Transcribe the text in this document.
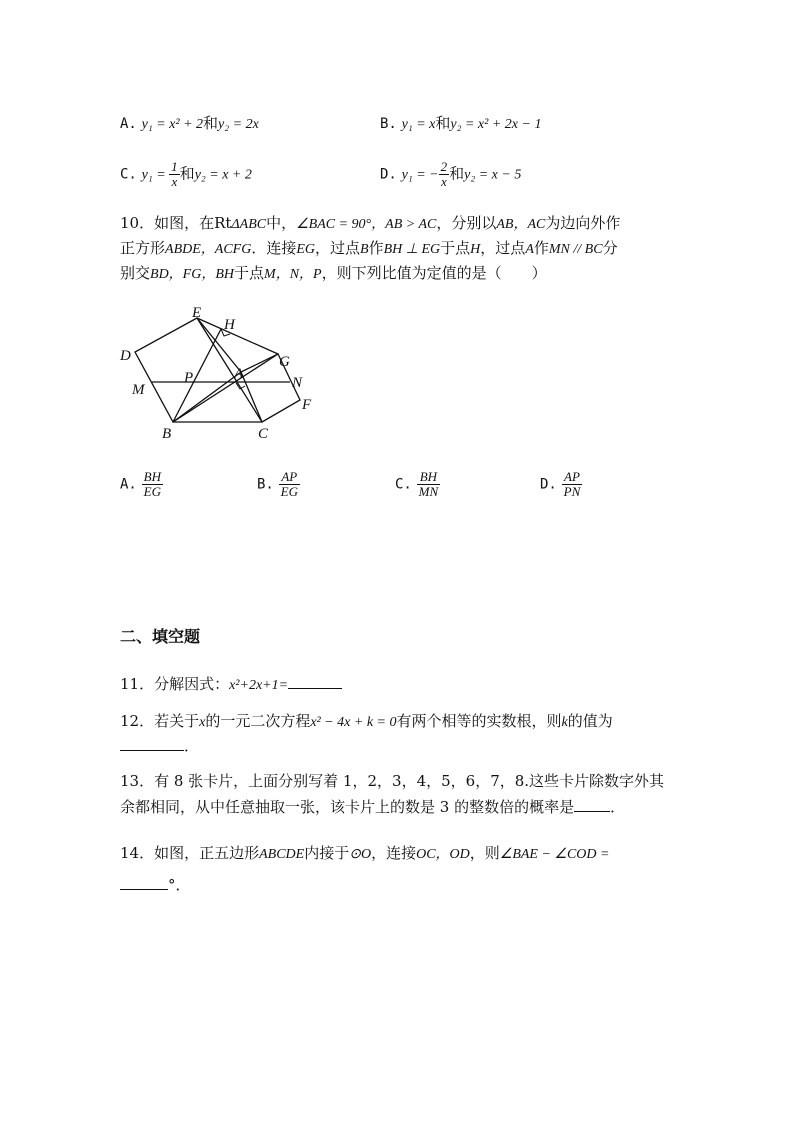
A. y₁ = x² + 2和y₂ = 2x	B. y₁ = x和y₂ = x² + 2x − 1
C. $y_1 = \frac{1}{x}$ 和y₂ = x + 2	D. y₁ = − $\frac{2}{x}$ 和y₂ = x − 5
10．如图，在RtΔABC中，∠BAC = 90°，AB > AC，分别以AB，AC为边向外作
正方形ABDE，ACFG．连接EG，过点B作BH ⊥ EG于点H，过点A作MN // BC分
别交BD，FG，BH于点M，N，P，则下列比值为定值的是（　　）
E
H
D	G
P	A
M	N
F
B	C
A. $\frac{BH}{EG}$	B. $\frac{AP}{EG}$	C. $\frac{BH}{MN}$	D. $\frac{AP}{PN}$
二、填空题
11．分解因式：x²+2x+1=
12．若关于x的一元二次方程x² − 4x + k = 0有两个相等的实数根，则k的值为
．
13．有 8 张卡片，上面分别写着 1，2，3，4，5，6，7，8.这些卡片除数字外其
余都相同，从中任意抽取一张，该卡片上的数是 3 的整数倍的概率是 ．
14．如图，正五边形ABCDE内接于⊙O，连接OC，OD，则∠BAE − ∠COD =
°．
